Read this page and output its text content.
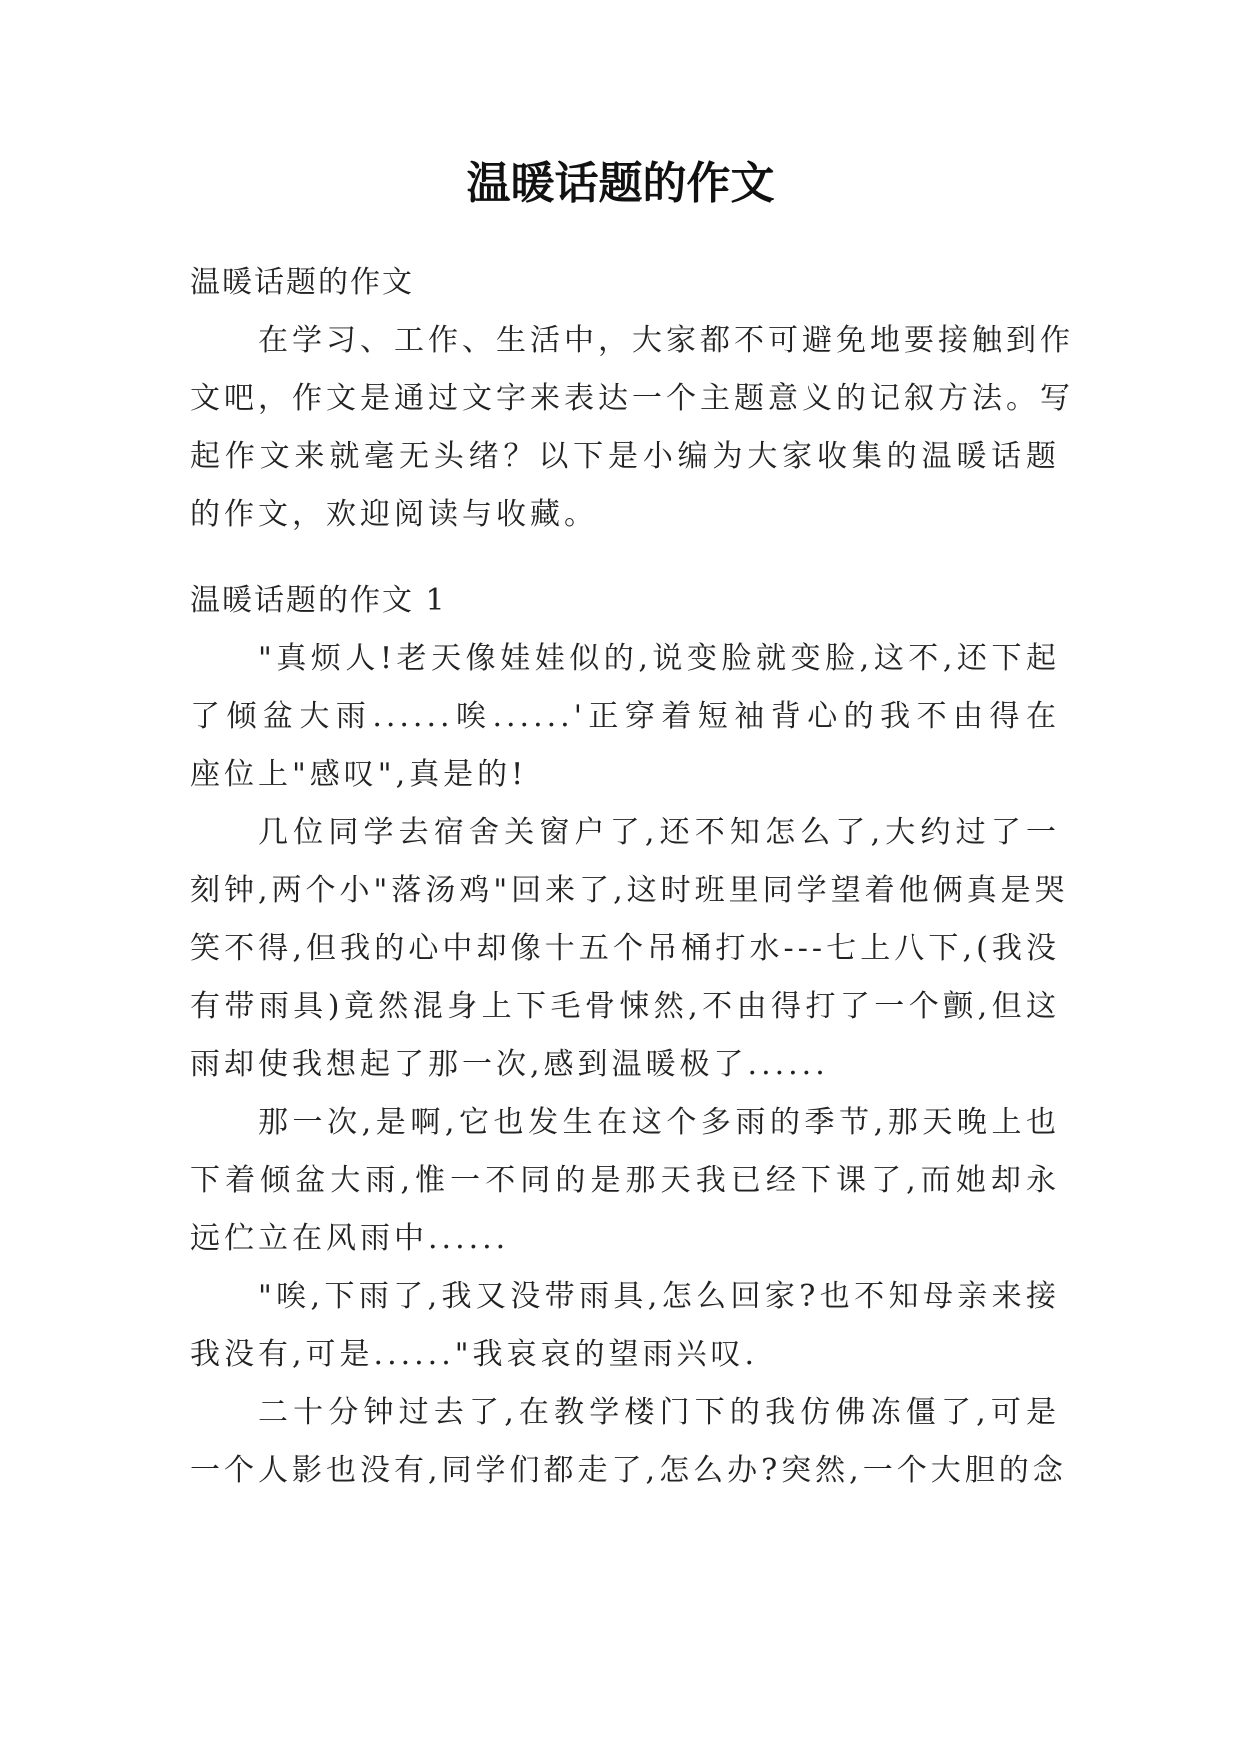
温暖话题的作文
温暖话题的作文
在学习、工作、生活中，大家都不可避免地要接触到作
文吧，作文是通过文字来表达一个主题意义的记叙方法。写
起作文来就毫无头绪？以下是小编为大家收集的温暖话题
的作文，欢迎阅读与收藏。
温暖话题的作文 1
"真烦人!老天像娃娃似的,说变脸就变脸,这不,还下起
了倾盆大雨......唉......'正穿着短袖背心的我不由得在
座位上"感叹",真是的!
几位同学去宿舍关窗户了,还不知怎么了,大约过了一
刻钟,两个小"落汤鸡"回来了,这时班里同学望着他俩真是哭
笑不得,但我的心中却像十五个吊桶打水---七上八下,(我没
有带雨具)竟然混身上下毛骨悚然,不由得打了一个颤,但这
雨却使我想起了那一次,感到温暖极了......
那一次,是啊,它也发生在这个多雨的季节,那天晚上也
下着倾盆大雨,惟一不同的是那天我已经下课了,而她却永
远伫立在风雨中......
"唉,下雨了,我又没带雨具,怎么回家?也不知母亲来接
我没有,可是......"我哀哀的望雨兴叹.
二十分钟过去了,在教学楼门下的我仿佛冻僵了,可是
一个人影也没有,同学们都走了,怎么办?突然,一个大胆的念
